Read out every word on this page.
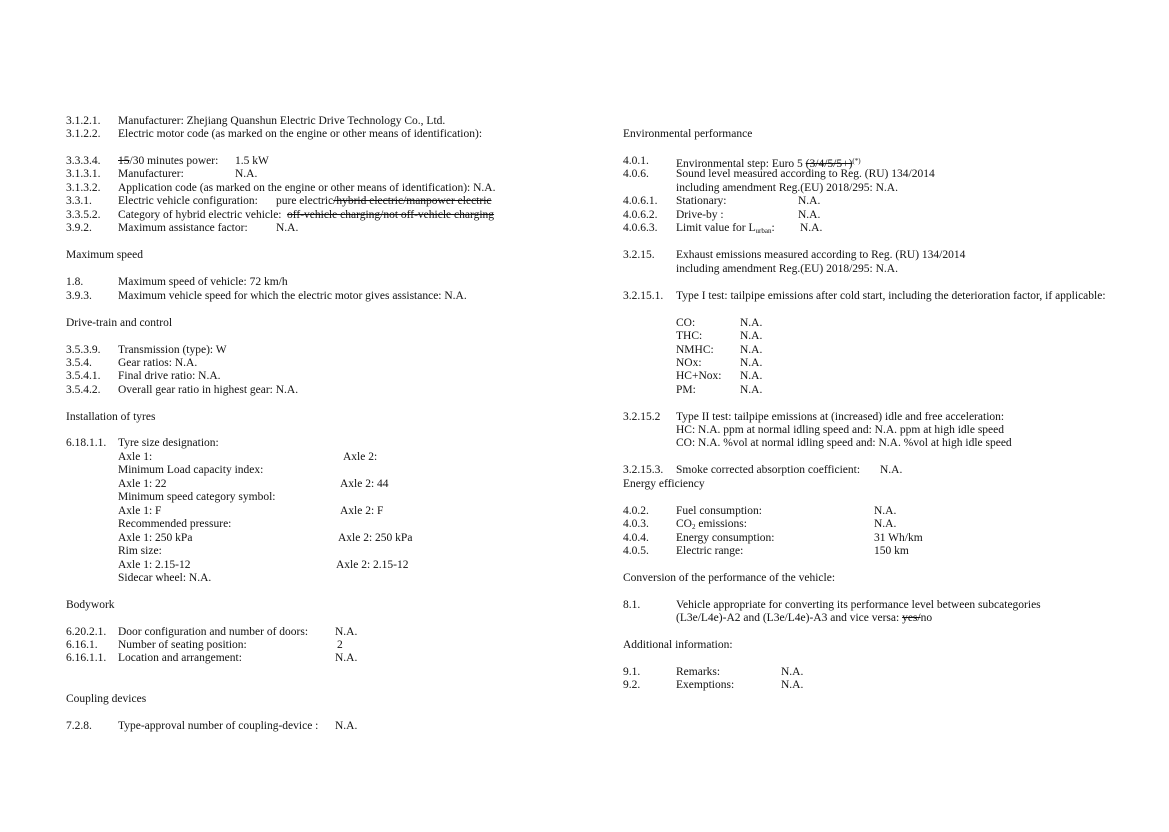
3.1.2.1. Manufacturer: Zhejiang Quanshun Electric Drive Technology Co., Ltd.
3.1.2.2. Electric motor code (as marked on the engine or other means of identification):
3.3.3.4. 15/30 minutes power: 1.5 kW
3.1.3.1. Manufacturer:	N.A.
3.1.3.2. Application code (as marked on the engine or other means of identification): N.A.
3.3.1. Electric vehicle configuration: pure electric/hybrid electric/manpower electric
3.3.5.2. Category of hybrid electric vehicle: off-vehicle charging/not off-vehicle charging
3.9.2. Maximum assistance factor: N.A.
Maximum speed
1.8.	Maximum speed of vehicle: 72 km/h
3.9.3. Maximum vehicle speed for which the electric motor gives assistance: N.A.
Drive-train and control
3.5.3.9. Transmission (type): W
3.5.4. Gear ratios: N.A.
3.5.4.1. Final drive ratio: N.A.
3.5.4.2. Overall gear ratio in highest gear: N.A.
Installation of tyres
6.18.1.1. Tyre size designation:
Axle 1:	Axle 2:
Minimum Load capacity index:
Axle 1: 22	Axle 2: 44
Minimum speed category symbol:
Axle 1: F	Axle 2: F
Recommended pressure:
Axle 1: 250 kPa	Axle 2: 250 kPa
Rim size:
Axle 1: 2.15-12	Axle 2: 2.15-12
Sidecar wheel: N.A.
Bodywork
6.20.2.1. Door configuration and number of doors: N.A.
6.16.1. Number of seating position:	2
6.16.1.1. Location and arrangement:	N.A.
Coupling devices
7.2.8. Type-approval number of coupling-device : N.A.
Environmental performance
4.0.1. Environmental step: Euro 5 (3/4/5/5+)(*)
4.0.6. Sound level measured according to Reg. (RU) 134/2014
including amendment Reg.(EU) 2018/295: N.A.
4.0.6.1. Stationary:	N.A.
4.0.6.2. Drive-by :	N.A.
4.0.6.3. Limit value for $L_{urban}$: N.A.
3.2.15. Exhaust emissions measured according to Reg. (RU) 134/2014
including amendment Reg.(EU) 2018/295: N.A.
3.2.15.1. Type I test: tailpipe emissions after cold start, including the deterioration factor, if applicable:
CO:	N.A.
THC:	N.A.
NMHC: N.A.
NOx:	N.A.
HC+Nox: N.A.
PM:	N.A.
3.2.15.2 Type II test: tailpipe emissions at (increased) idle and free acceleration:
HC: N.A. ppm at normal idling speed and: N.A. ppm at high idle speed
CO: N.A. %vol at normal idling speed and: N.A. %vol at high idle speed
3.2.15.3. Smoke corrected absorption coefficient: N.A.
Energy efficiency
4.0.2. Fuel consumption:	N.A.
4.0.3. $CO_2$ emissions:	N.A.
4.0.4. Energy consumption:	31 Wh/km
4.0.5. Electric range:	150 km
Conversion of the performance of the vehicle:
8.1.	Vehicle appropriate for converting its performance level between subcategories
(L3e/L4e)-A2 and (L3e/L4e)-A3 and vice versa: yes/no
Additional information:
9.1.	Remarks:	N.A.
9.2.	Exemptions:	N.A.
